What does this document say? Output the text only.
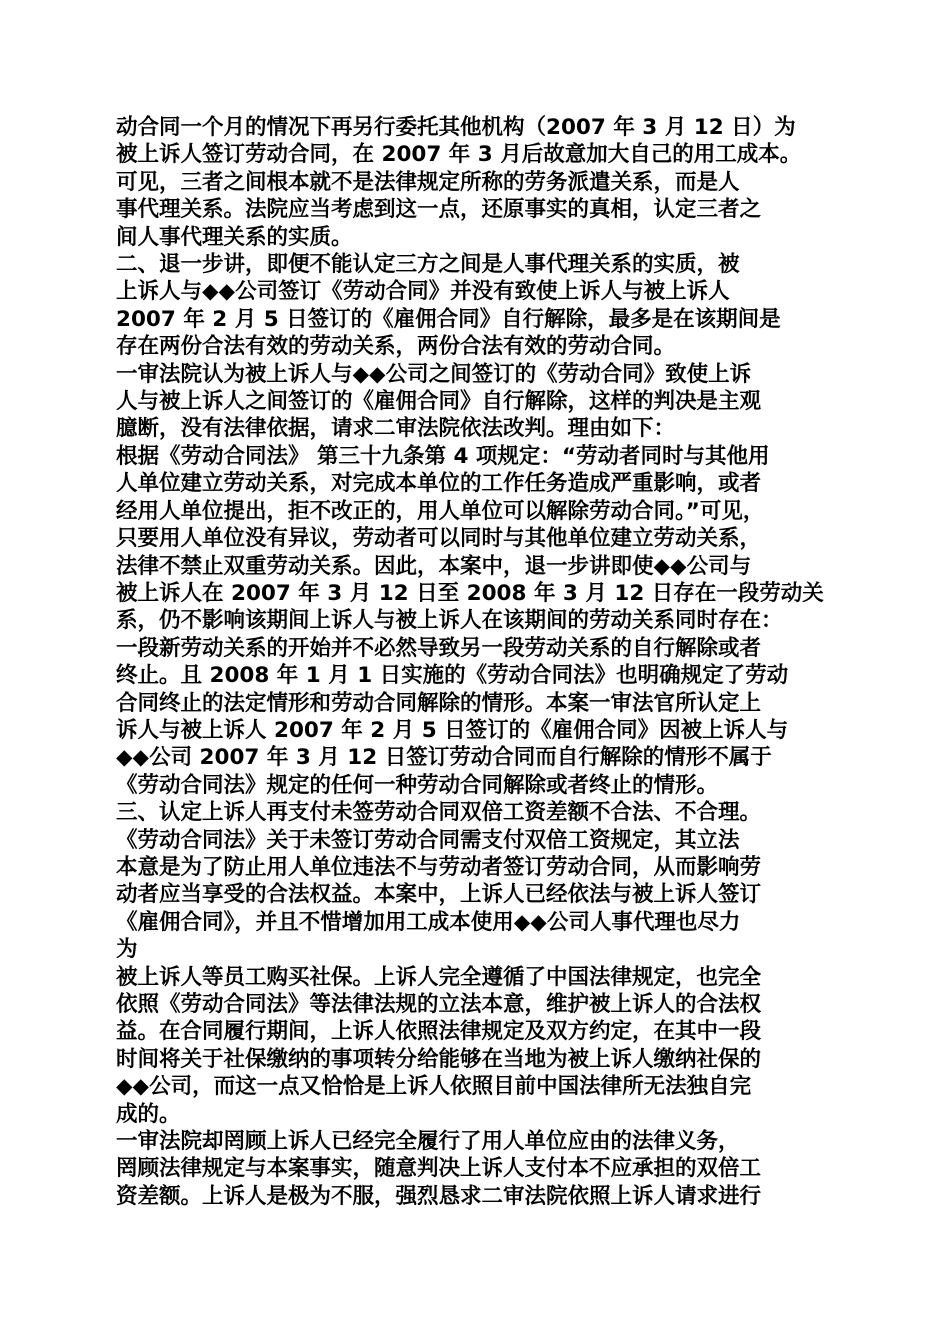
动合同一个月的情况下再另行委托其他机构（2007 年 3 月 12 日）为
被上诉人签订劳动合同，在 2007 年 3 月后故意加大自己的用工成本。
可见，三者之间根本就不是法律规定所称的劳务派遣关系，而是人
事代理关系。法院应当考虑到这一点，还原事实的真相，认定三者之
间人事代理关系的实质。
二、退一步讲，即便不能认定三方之间是人事代理关系的实质，被
上诉人与◆◆公司签订《劳动合同》并没有致使上诉人与被上诉人
2007 年 2 月 5 日签订的《雇佣合同》自行解除，最多是在该期间是
存在两份合法有效的劳动关系，两份合法有效的劳动合同。
一审法院认为被上诉人与◆◆公司之间签订的《劳动合同》致使上诉
人与被上诉人之间签订的《雇佣合同》自行解除，这样的判决是主观
臆断，没有法律依据，请求二审法院依法改判。理由如下：
根据《劳动合同法》 第三十九条第 4 项规定：“劳动者同时与其他用
人单位建立劳动关系，对完成本单位的工作任务造成严重影响，或者
经用人单位提出，拒不改正的，用人单位可以解除劳动合同。”可见，
只要用人单位没有异议，劳动者可以同时与其他单位建立劳动关系，
法律不禁止双重劳动关系。因此，本案中，退一步讲即使◆◆公司与
被上诉人在 2007 年 3 月 12 日至 2008 年 3 月 12 日存在一段劳动关
系，仍不影响该期间上诉人与被上诉人在该期间的劳动关系同时存在：
一段新劳动关系的开始并不必然导致另一段劳动关系的自行解除或者
终止。且 2008 年 1 月 1 日实施的《劳动合同法》也明确规定了劳动
合同终止的法定情形和劳动合同解除的情形。本案一审法官所认定上
诉人与被上诉人 2007 年 2 月 5 日签订的《雇佣合同》因被上诉人与
◆◆公司 2007 年 3 月 12 日签订劳动合同而自行解除的情形不属于
《劳动合同法》规定的任何一种劳动合同解除或者终止的情形。
三、认定上诉人再支付未签劳动合同双倍工资差额不合法、不合理。
《劳动合同法》关于未签订劳动合同需支付双倍工资规定，其立法
本意是为了防止用人单位违法不与劳动者签订劳动合同，从而影响劳
动者应当享受的合法权益。本案中，上诉人已经依法与被上诉人签订
《雇佣合同》，并且不惜增加用工成本使用◆◆公司人事代理也尽力
为
被上诉人等员工购买社保。上诉人完全遵循了中国法律规定，也完全
依照《劳动合同法》等法律法规的立法本意，维护被上诉人的合法权
益。在合同履行期间，上诉人依照法律规定及双方约定，在其中一段
时间将关于社保缴纳的事项转分给能够在当地为被上诉人缴纳社保的
◆◆公司，而这一点又恰恰是上诉人依照目前中国法律所无法独自完
成的。
一审法院却罔顾上诉人已经完全履行了用人单位应由的法律义务，
罔顾法律规定与本案事实，随意判决上诉人支付本不应承担的双倍工
资差额。上诉人是极为不服，强烈恳求二审法院依照上诉人请求进行
